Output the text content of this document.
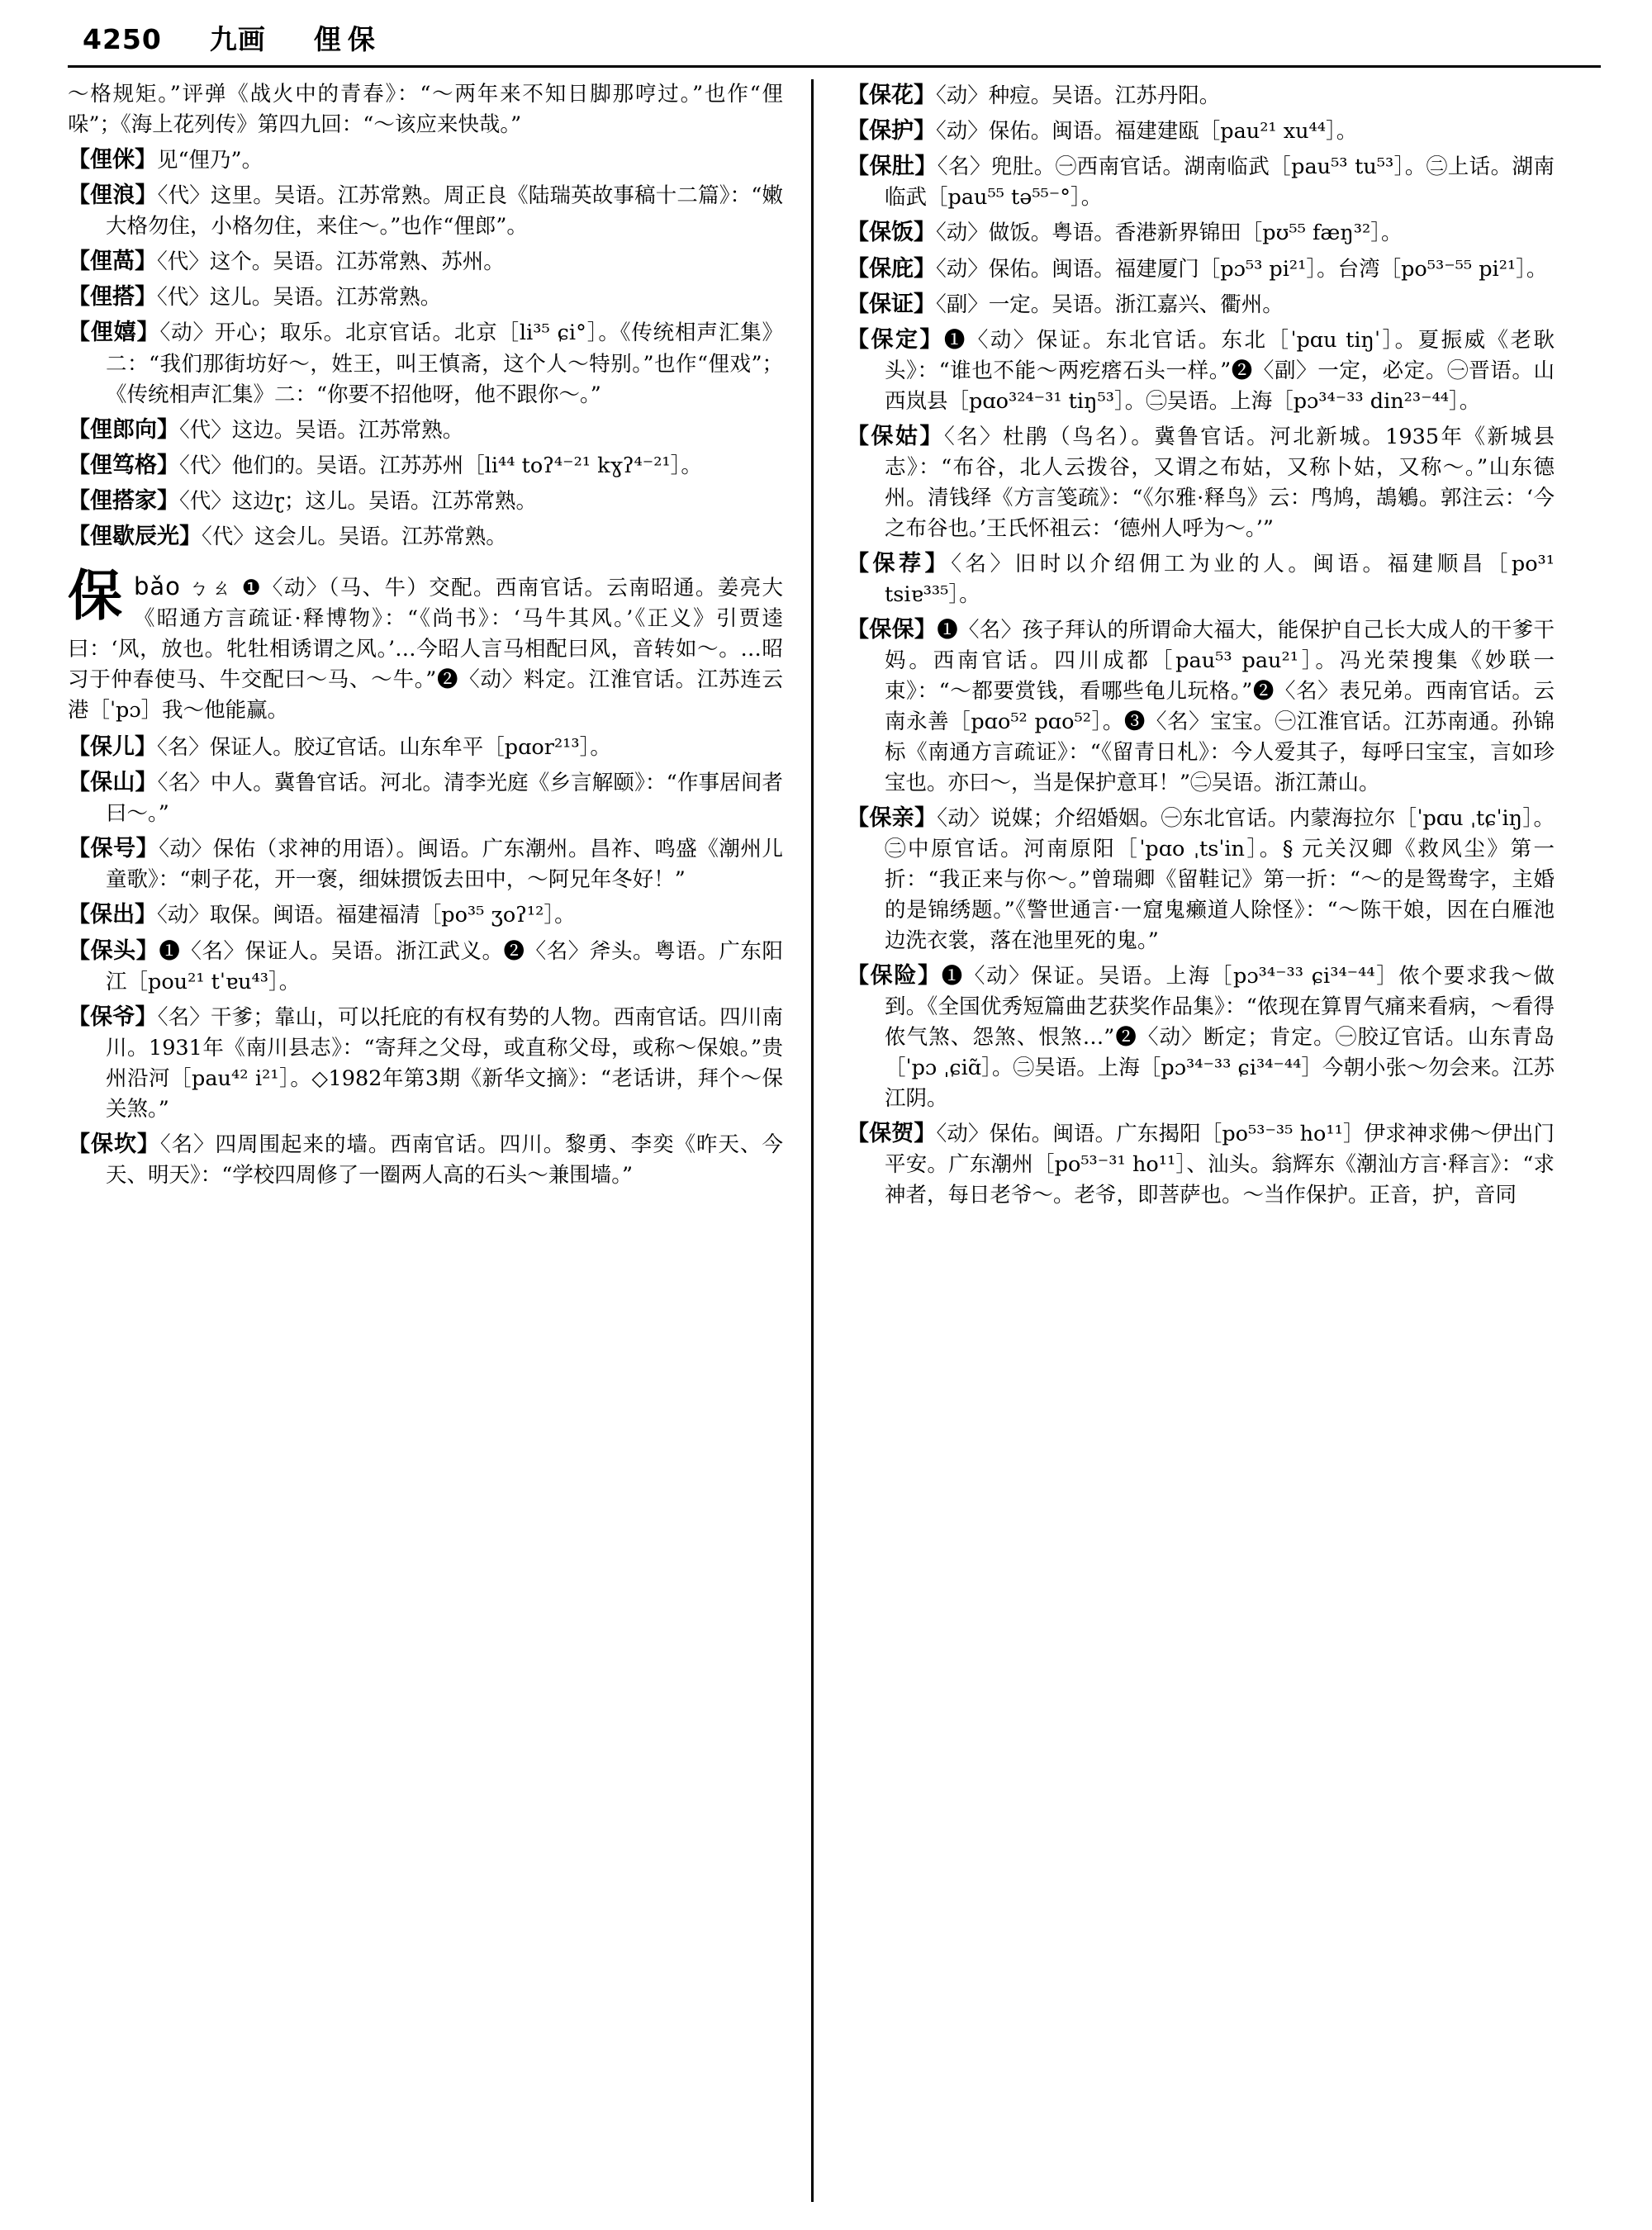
4250 九画 俚保

〜格规矩。”评弹《战火中的青春》：“〜两年来不知日脚那哼过。”也作“俚哚”；《海上花列传》第四九回：“〜该应来快哉。”

【俚侎】见“俚乃”。
【俚浪】〈代〉这里。吴语。江苏常熟。周正良《陆瑞英故事稿十二篇》：“嫩大格勿住，小格勿住，来住〜。”也作“俚郎”。
【俚萵】〈代〉这个。吴语。江苏常熟、苏州。
【俚搭】〈代〉这儿。吴语。江苏常熟。
【俚嬉】〈动〉开心；取乐。北京官话。北京［li³⁵ ɕi°］。《传统相声汇集》二：“我们那街坊好〜，姓王，叫王慎斋，这个人〜特别。”也作“俚戏”；《传统相声汇集》二：“你要不招他呀，他不跟你〜。”
【俚郎向】〈代〉这边。吴语。江苏常熟。
【俚笃格】〈代〉他们的。吴语。江苏苏州［li⁴⁴ toʔ⁴⁻²¹ kɣʔ⁴⁻²¹］。
【俚搭家】〈代〉这边ɽ；这儿。吴语。江苏常熟。
【俚歇辰光】〈代〉这会儿。吴语。江苏常熟。
保 bǎo ㄅㄠ ❶〈动〉（马、牛）交配。西南官话。云南昭通。姜亮大《昭通方言疏证·释博物》：“《尚书》：‘马牛其风。’《正义》引贾逵曰：‘风，放也。牝牡相诱谓之风。’…今昭人言马相配曰风，音转如〜。…昭习于仲春使马、牛交配曰〜马、〜牛。”❷〈动〉料定。江淮官话。江苏连云港［ˈpɔ］我〜他能赢。
【保儿】〈名〉保证人。胶辽官话。山东牟平［pɑor²¹³］。
【保山】〈名〉中人。冀鲁官话。河北。清李光庭《乡言解颐》：“作事居间者曰〜。”
【保号】〈动〉保佑（求神的用语）。闽语。广东潮州。昌祚、鸣盛《潮州儿童歌》：“刺子花，开一褒，细妹掼饭去田中，〜阿兄年冬好！”
【保出】〈动〉取保。闽语。福建福清［po³⁵ ʒoʔ¹²］。
【保头】❶〈名〉保证人。吴语。浙江武义。❷〈名〉斧头。粤语。广东阳江［pou²¹ tˈɐu⁴³］。
【保爷】〈名〉干爹；靠山，可以托庇的有权有势的人物。西南官话。四川南川。1931年《南川县志》：“寄拜之父母，或直称父母，或称〜保娘。”贵州沿河［pau⁴² i²¹］。◇1982年第3期《新华文摘》：“老话讲，拜个〜保关煞。”
【保坎】〈名〉四周围起来的墙。西南官话。四川。黎勇、李奕《昨天、今天、明天》：“学校四周修了一圈两人高的石头〜兼围墙。”
【保花】〈动〉种痘。吴语。江苏丹阳。
【保护】〈动〉保佑。闽语。福建建瓯［pau²¹ xu⁴⁴］。
【保肚】〈名〉兜肚。㊀西南官话。湖南临武［pau⁵³ tu⁵³］。㊁上话。湖南临武［pau⁵⁵ tə⁵⁵⁻°］。
【保饭】〈动〉做饭。粤语。香港新界锦田［pʊ⁵⁵ fæŋ³²］。
【保庇】〈动〉保佑。闽语。福建厦门［pɔ⁵³ pi²¹］。台湾［po⁵³⁻⁵⁵ pi²¹］。
【保证】〈副〉一定。吴语。浙江嘉兴、衢州。
【保定】❶〈动〉保证。东北官话。东北［ˈpɑu tiŋˈ］。夏振威《老耿头》：“谁也不能〜两疙瘩石头一样。”❷〈副〉一定，必定。㊀晋语。山西岚县［pɑo³²⁴⁻³¹ tiŋ⁵³］。㊁吴语。上海［pɔ³⁴⁻³³ din²³⁻⁴⁴］。
【保姑】〈名〉杜鹃（鸟名）。冀鲁官话。河北新城。1935年《新城县志》：“布谷，北人云拨谷，又谓之布姑，又称卜姑，又称〜。”山东德州。清钱绎《方言笺疏》：“《尔雅·释鸟》云：鸤鸠，鴶鵴。郭注云：‘今之布谷也。’王氏怀祖云：‘德州人呼为〜。’”
【保荐】〈名〉旧时以介绍佣工为业的人。闽语。福建顺昌［po³¹ tsiɐ³³⁵］。
【保保】❶〈名〉孩子拜认的所谓命大福大，能保护自己长大成人的干爹干妈。西南官话。四川成都［pau⁵³ pau²¹］。冯光荣搜集《妙联一束》：“〜都要赏钱，看哪些龟儿玩格。”❷〈名〉表兄弟。西南官话。云南永善［pɑo⁵² pɑo⁵²］。❸〈名〉宝宝。㊀江淮官话。江苏南通。孙锦标《南通方言疏证》：“《留青日札》：今人爱其子，每呼曰宝宝，言如珍宝也。亦曰〜，当是保护意耳！”㊁吴语。浙江萧山。
【保亲】〈动〉说媒；介绍婚姻。㊀东北官话。内蒙海拉尔［ˈpɑu ˌtɕˈiŋ］。㊁中原官话。河南原阳［ˈpɑo ˌtsˈin］。§ 元关汉卿《救风尘》第一折：“我正来与你〜。”曾瑞卿《留鞋记》第一折：“〜的是鸳鸯字，主婚的是锦绣题。”《警世通言·一窟鬼癞道人除怪》：“〜陈干娘，因在白雁池边洗衣裳，落在池里死的鬼。”
【保险】❶〈动〉保证。吴语。上海［pɔ³⁴⁻³³ ɕi³⁴⁻⁴⁴］侬个要求我〜做到。《全国优秀短篇曲艺获奖作品集》：“侬现在算胃气痛来看病，〜看得侬气煞、怨煞、恨煞…”❷〈动〉断定；肯定。㊀胶辽官话。山东青岛［ˈpɔ ˌɕiɑ̃］。㊁吴语。上海［pɔ³⁴⁻³³ ɕi³⁴⁻⁴⁴］今朝小张〜勿会来。江苏江阴。
【保贺】〈动〉保佑。闽语。广东揭阳［po⁵³⁻³⁵ ho¹¹］伊求神求佛〜伊出门平安。广东潮州［po⁵³⁻³¹ ho¹¹］、汕头。翁辉东《潮汕方言·释言》：“求神者，每日老爷〜。老爷，即菩萨也。〜当作保护。正音，护，音同
